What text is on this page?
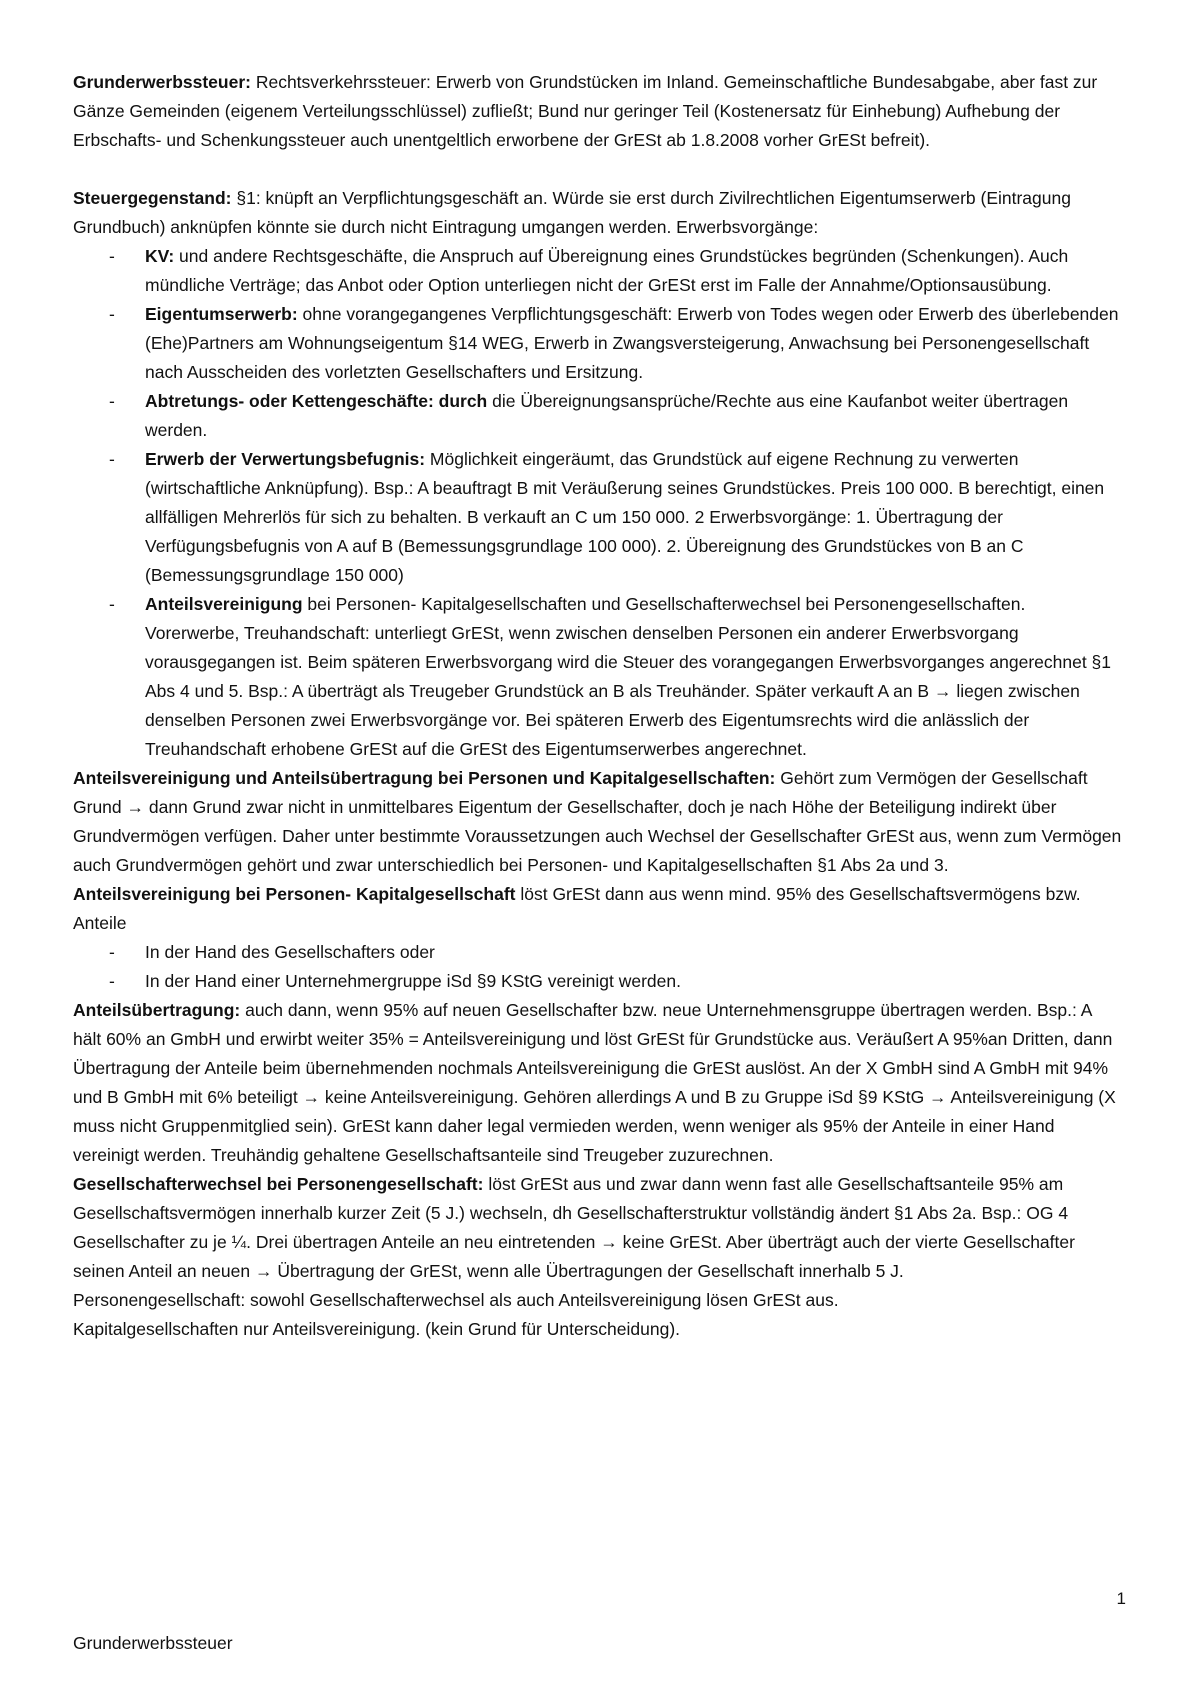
Grunderwerbssteuer: Rechtsverkehrssteuer: Erwerb von Grundstücken im Inland. Gemeinschaftliche Bundesabgabe, aber fast zur Gänze Gemeinden (eigenem Verteilungsschlüssel) zufließt; Bund nur geringer Teil (Kostenersatz für Einhebung) Aufhebung der Erbschafts- und Schenkungssteuer auch unentgeltlich erworbene der GrESt ab 1.8.2008 vorher GrESt befreit).

Steuergegenstand: §1: knüpft an Verpflichtungsgeschäft an. Würde sie erst durch Zivilrechtlichen Eigentumserwerb (Eintragung Grundbuch) anknüpfen könnte sie durch nicht Eintragung umgangen werden. Erwerbsvorgänge:

- KV: und andere Rechtsgeschäfte, die Anspruch auf Übereignung eines Grundstückes begründen (Schenkungen). Auch mündliche Verträge; das Anbot oder Option unterliegen nicht der GrESt erst im Falle der Annahme/Optionsausübung.
- Eigentumserwerb: ohne vorangegangenes Verpflichtungsgeschäft: Erwerb von Todes wegen oder Erwerb des überlebenden (Ehe)Partners am Wohnungseigentum §14 WEG, Erwerb in Zwangsversteigerung, Anwachsung bei Personengesellschaft nach Ausscheiden des vorletzten Gesellschafters und Ersitzung.
- Abtretungs- oder Kettengeschäfte: durch die Übereignungsansprüche/Rechte aus eine Kaufanbot weiter übertragen werden.
- Erwerb der Verwertungsbefugnis: Möglichkeit eingeräumt, das Grundstück auf eigene Rechnung zu verwerten (wirtschaftliche Anknüpfung). Bsp.: A beauftragt B mit Veräußerung seines Grundstückes. Preis 100 000. B berechtigt, einen allfälligen Mehrerlös für sich zu behalten. B verkauft an C um 150 000. 2 Erwerbsvorgänge: 1. Übertragung der Verfügungsbefugnis von A auf B (Bemessungsgrundlage 100 000). 2. Übereignung des Grundstückes von B an C (Bemessungsgrundlage 150 000)
- Anteilsvereinigung bei Personen- Kapitalgesellschaften und Gesellschafterwechsel bei Personengesellschaften.

Vorerwerbe, Treuhandschaft: unterliegt GrESt, wenn zwischen denselben Personen ein anderer Erwerbsvorgang vorausgegangen ist. Beim späteren Erwerbsvorgang wird die Steuer des vorangegangen Erwerbsvorganges angerechnet §1 Abs 4 und 5. Bsp.: A überträgt als Treugeber Grundstück an B als Treuhänder. Später verkauft A an B → liegen zwischen denselben Personen zwei Erwerbsvorgänge vor. Bei späteren Erwerb des Eigentumsrechts wird die anlässlich der Treuhandschaft erhobene GrESt auf die GrESt des Eigentumserwerbes angerechnet.

Anteilsvereinigung und Anteilsübertragung bei Personen und Kapitalgesellschaften: Gehört zum Vermögen der Gesellschaft Grund → dann Grund zwar nicht in unmittelbares Eigentum der Gesellschafter, doch je nach Höhe der Beteiligung indirekt über Grundvermögen verfügen. Daher unter bestimmte Voraussetzungen auch Wechsel der Gesellschafter GrESt aus, wenn zum Vermögen auch Grundvermögen gehört und zwar unterschiedlich bei Personen- und Kapitalgesellschaften §1 Abs 2a und 3.

Anteilsvereinigung bei Personen- Kapitalgesellschaft löst GrESt dann aus wenn mind. 95% des Gesellschaftsvermögens bzw. Anteile

- In der Hand des Gesellschafters oder
- In der Hand einer Unternehmergruppe iSd §9 KStG vereinigt werden.

Anteilsübertragung: auch dann, wenn 95% auf neuen Gesellschafter bzw. neue Unternehmensgruppe übertragen werden. Bsp.: A hält 60% an GmbH und erwirbt weiter 35% = Anteilsvereinigung und löst GrESt für Grundstücke aus. Veräußert A 95%an Dritten, dann Übertragung der Anteile beim übernehmenden nochmals Anteilsvereinigung die GrESt auslöst. An der X GmbH sind A GmbH mit 94% und B GmbH mit 6% beteiligt → keine Anteilsvereinigung. Gehören allerdings A und B zu Gruppe iSd §9 KStG → Anteilsvereinigung (X muss nicht Gruppenmitglied sein). GrESt kann daher legal vermieden werden, wenn weniger als 95% der Anteile in einer Hand vereinigt werden. Treuhändig gehaltene Gesellschaftsanteile sind Treugeber zuzurechnen.

Gesellschafterwechsel bei Personengesellschaft: löst GrESt aus und zwar dann wenn fast alle Gesellschaftsanteile 95% am Gesellschaftsvermögen innerhalb kurzer Zeit (5 J.) wechseln, dh Gesellschafterstruktur vollständig ändert §1 Abs 2a. Bsp.: OG 4 Gesellschafter zu je ¼. Drei übertragen Anteile an neu eintretenden → keine GrESt. Aber überträgt auch der vierte Gesellschafter seinen Anteil an neuen → Übertragung der GrESt, wenn alle Übertragungen der Gesellschaft innerhalb 5 J.

Personengesellschaft: sowohl Gesellschafterwechsel als auch Anteilsvereinigung lösen GrESt aus.

Kapitalgesellschaften nur Anteilsvereinigung. (kein Grund für Unterscheidung).

1
Grunderwerbssteuer
